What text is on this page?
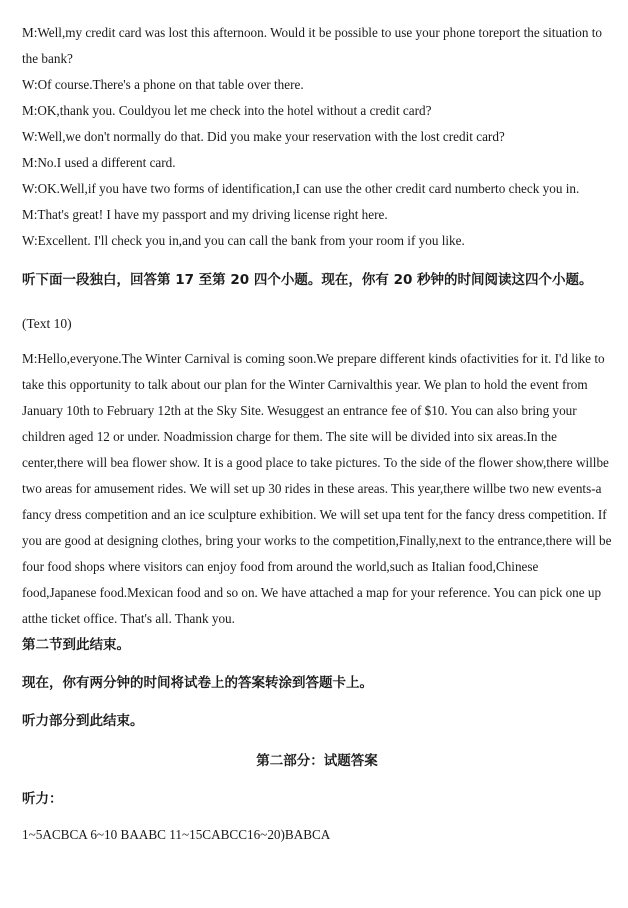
M:Well,my credit card was lost this afternoon. Would it be possible to use your phone toreport the situation to the bank?

W:Of course.There's a phone on that table over there.

M:OK,thank you. Couldyou let me check into the hotel without a credit card?

W:Well,we don't normally do that. Did you make your reservation with the lost credit card?

M:No.I used a different card.

W:OK.Well,if you have two forms of identification,I can use the other credit card numberto check you in.

M:That's great! I have my passport and my driving license right here.

W:Excellent. I'll check you in,and you can call the bank from your room if you like.

听下面一段独白，回答第 17 至第 20 四个小题。现在，你有 20 秒钟的时间阅读这四个小题。(Text 10)

M:Hello,everyone.The Winter Carnival is coming soon.We prepare different kinds ofactivities for it. I'd like to take this opportunity to talk about our plan for the Winter Carnivalthis year. We plan to hold the event from January 10th to February 12th at the Sky Site. Wesuggest an entrance fee of $10. You can also bring your children aged 12 or under. Noadmission charge for them. The site will be divided into six areas.In the center,there will bea flower show. It is a good place to take pictures. To the side of the flower show,there willbe two areas for amusement rides. We will set up 30 rides in these areas. This year,there willbe two new events-a fancy dress competition and an ice sculpture exhibition. We will set upa tent for the fancy dress competition. If you are good at designing clothes, bring your works to the competition,Finally,next to the entrance,there will be four food shops where visitors can enjoy food from around the world,such as Italian food,Chinese food,Japanese food.Mexican food and so on. We have attached a map for your reference. You can pick one up atthe ticket office. That's all. Thank you.

第二节到此结束。

现在，你有两分钟的时间将试卷上的答案转涂到答题卡上。

听力部分到此结束。

第二部分：试题答案

听力：

1~5ACBCA 6~10 BAABC 11~15CABCC16~20)BABCA
